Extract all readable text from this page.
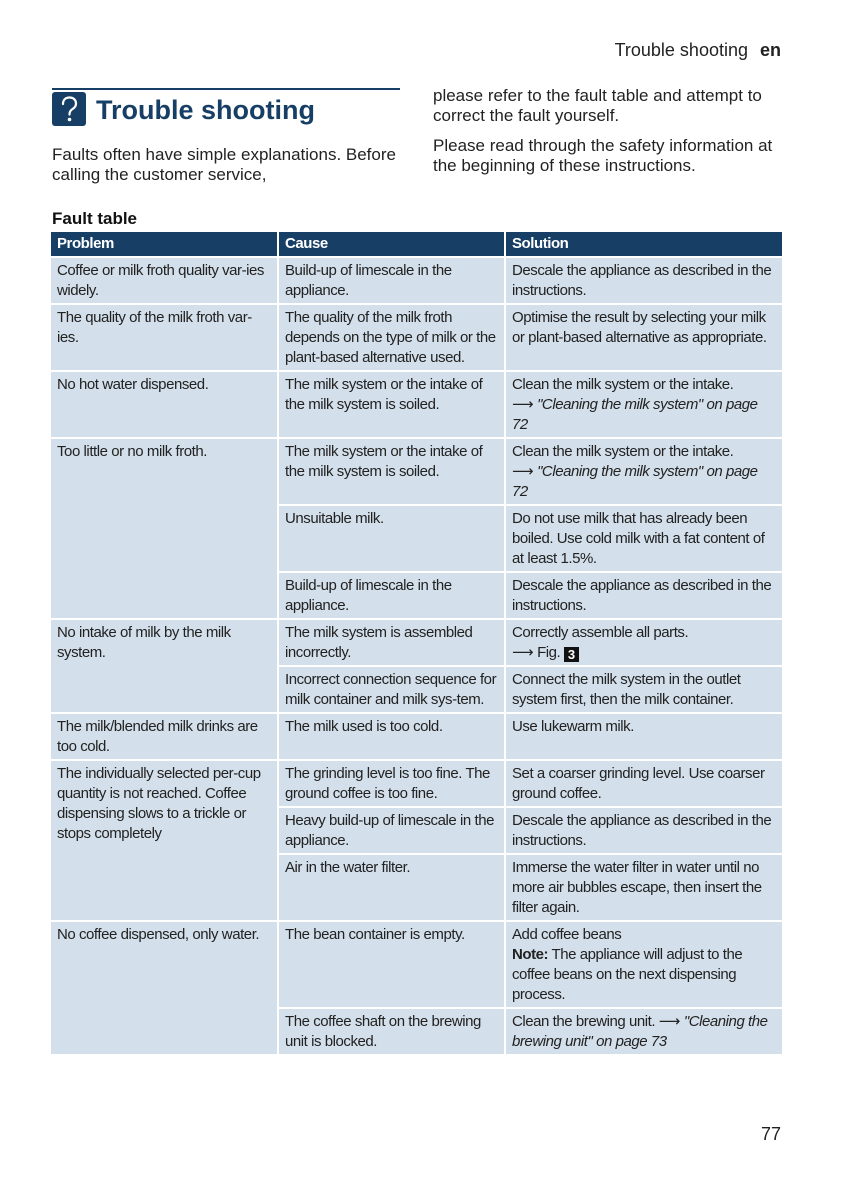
Trouble shooting en
Trouble shooting
Faults often have simple explanations. Before calling the customer service,

please refer to the fault table and attempt to correct the fault yourself.

Please read through the safety information at the beginning of these instructions.

Fault table
Problem	Cause	Solution
Coffee or milk froth quality var-ies widely.	Build-up of limescale in the appliance.	Descale the appliance as described in the instructions.
The quality of the milk froth var-ies.	The quality of the milk froth depends on the type of milk or the plant-based alternative used.	Optimise the result by selecting your milk or plant-based alternative as appropriate.
No hot water dispensed.	The milk system or the intake of the milk system is soiled.	Clean the milk system or the intake.
⟶ "Cleaning the milk system" on page 72

Too little or no milk froth.	The milk system or the intake of the milk system is soiled.	Clean the milk system or the intake.
⟶ "Cleaning the milk system" on page 72

	Unsuitable milk.	Do not use milk that has already been boiled. Use cold milk with a fat content of at least 1.5%.
	Build-up of limescale in the appliance.	Descale the appliance as described in the instructions.
No intake of milk by the milk system.	The milk system is assembled incorrectly.	Correctly assemble all parts.
⟶ Fig. 3

	Incorrect connection sequence for milk container and milk sys-tem.	Connect the milk system in the outlet system first, then the milk container.
The milk/blended milk drinks are too cold.	The milk used is too cold.	Use lukewarm milk.
The individually selected per-cup quantity is not reached. Coffee dispensing slows to a trickle or stops completely	The grinding level is too fine. The ground coffee is too fine.	Set a coarser grinding level. Use coarser ground coffee.
	Heavy build-up of limescale in the appliance.	Descale the appliance as described in the instructions.
	Air in the water filter.	Immerse the water filter in water until no more air bubbles escape, then insert the filter again.
No coffee dispensed, only water.	The bean container is empty.	Add coffee beans
Note: The appliance will adjust to the coffee beans on the next dispensing process.

	The coffee shaft on the brewing unit is blocked.	Clean the brewing unit. ⟶ "Cleaning the brewing unit" on page 73
77
